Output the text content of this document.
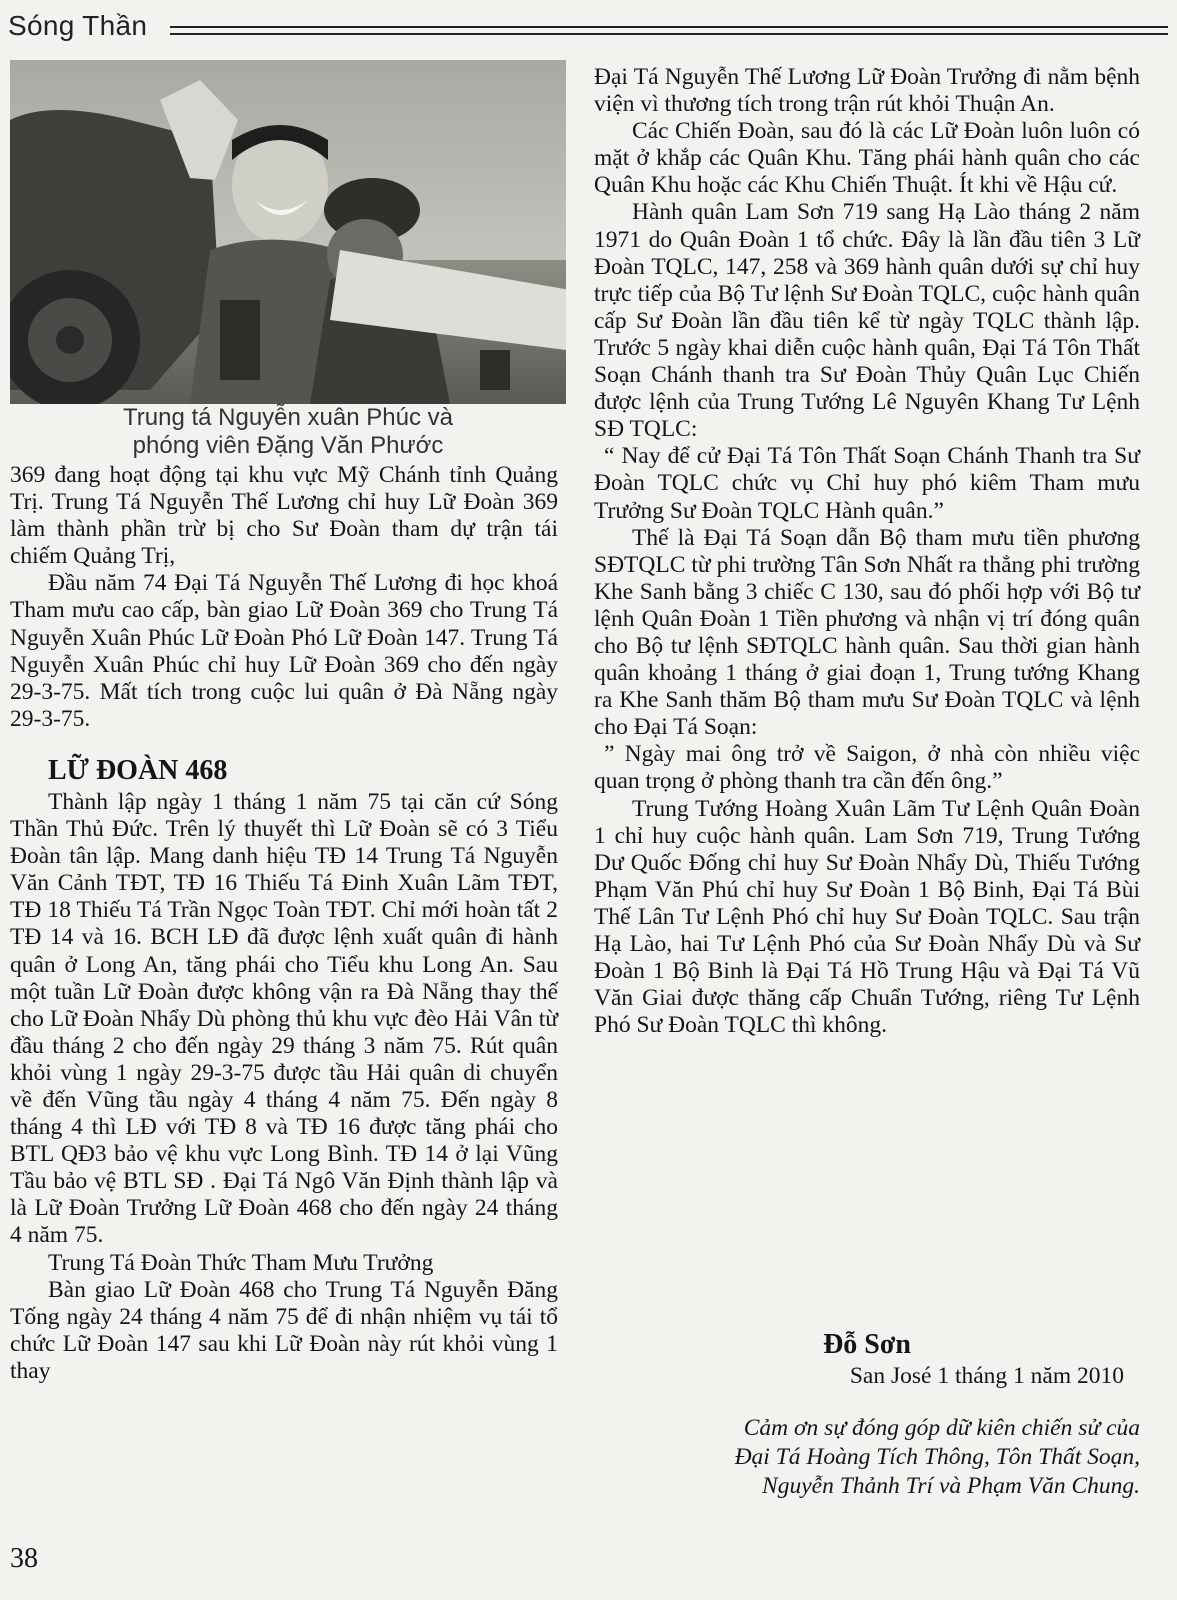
Sóng Thần
Trung tá Nguyễn xuân Phúc và
phóng viên Đặng Văn Phước

369 đang hoạt động tại khu vực Mỹ Chánh tỉnh Quảng Trị. Trung Tá Nguyễn Thế Lương chỉ huy Lữ Đoàn 369 làm thành phần trừ bị cho Sư Đoàn tham dự trận tái chiếm Quảng Trị,

Đầu năm 74 Đại Tá Nguyễn Thế Lương đi học khoá Tham mưu cao cấp, bàn giao Lữ Đoàn 369 cho Trung Tá Nguyễn Xuân Phúc Lữ Đoàn Phó Lữ Đoàn 147. Trung Tá Nguyễn Xuân Phúc chỉ huy Lữ Đoàn 369 cho đến ngày 29-3-75. Mất tích trong cuộc lui quân ở Đà Nẵng ngày 29-3-75.

LỮ ĐOÀN 468

Thành lập ngày 1 tháng 1 năm 75 tại căn cứ Sóng Thần Thủ Đức. Trên lý thuyết thì Lữ Đoàn sẽ có 3 Tiểu Đoàn tân lập. Mang danh hiệu TĐ 14 Trung Tá Nguyễn Văn Cảnh TĐT, TĐ 16 Thiếu Tá Đinh Xuân Lãm TĐT, TĐ 18 Thiếu Tá Trần Ngọc Toàn TĐT. Chỉ mới hoàn tất 2 TĐ 14 và 16. BCH LĐ đã được lệnh xuất quân đi hành quân ở Long An, tăng phái cho Tiểu khu Long An. Sau một tuần Lữ Đoàn được không vận ra Đà Nẵng thay thế cho Lữ Đoàn Nhẩy Dù phòng thủ khu vực đèo Hải Vân từ đầu tháng 2 cho đến ngày 29 tháng 3 năm 75. Rút quân khỏi vùng 1 ngày 29-3-75 được tầu Hải quân di chuyển về đến Vũng tầu ngày 4 tháng 4 năm 75. Đến ngày 8 tháng 4 thì LĐ với TĐ 8 và TĐ 16 được tăng phái cho BTL QĐ3 bảo vệ khu vực Long Bình. TĐ 14 ở lại Vũng Tầu bảo vệ BTL SĐ . Đại Tá Ngô Văn Định thành lập và là Lữ Đoàn Trưởng Lữ Đoàn 468 cho đến ngày 24 tháng 4 năm 75.

Trung Tá Đoàn Thức Tham Mưu Trưởng

Bàn giao Lữ Đoàn 468 cho Trung Tá Nguyễn Đăng Tống ngày 24 tháng 4 năm 75 để đi nhận nhiệm vụ tái tổ chức Lữ Đoàn 147 sau khi Lữ Đoàn này rút khỏi vùng 1 thay

Đại Tá Nguyễn Thế Lương Lữ Đoàn Trưởng đi nằm bệnh viện vì thương tích trong trận rút khỏi Thuận An.

Các Chiến Đoàn, sau đó là các Lữ Đoàn luôn luôn có mặt ở khắp các Quân Khu. Tăng phái hành quân cho các Quân Khu hoặc các Khu Chiến Thuật. Ít khi về Hậu cứ.

Hành quân Lam Sơn 719 sang Hạ Lào tháng 2 năm 1971 do Quân Đoàn 1 tổ chức. Đây là lần đầu tiên 3 Lữ Đoàn TQLC, 147, 258 và 369 hành quân dưới sự chỉ huy trực tiếp của Bộ Tư lệnh Sư Đoàn TQLC, cuộc hành quân cấp Sư Đoàn lần đầu tiên kể từ ngày TQLC thành lập. Trước 5 ngày khai diễn cuộc hành quân, Đại Tá Tôn Thất Soạn Chánh thanh tra Sư Đoàn Thủy Quân Lục Chiến được lệnh của Trung Tướng Lê Nguyên Khang Tư Lệnh SĐ TQLC:

“ Nay để cử Đại Tá Tôn Thất Soạn Chánh Thanh tra Sư Đoàn TQLC chức vụ Chỉ huy phó kiêm Tham mưu Trưởng Sư Đoàn TQLC Hành quân.”

Thế là Đại Tá Soạn dẫn Bộ tham mưu tiền phương SĐTQLC từ phi trường Tân Sơn Nhất ra thẳng phi trường Khe Sanh bằng 3 chiếc C 130, sau đó phối hợp với Bộ tư lệnh Quân Đoàn 1 Tiền phương và nhận vị trí đóng quân cho Bộ tư lệnh SĐTQLC hành quân. Sau thời gian hành quân khoảng 1 tháng ở giai đoạn 1, Trung tướng Khang ra Khe Sanh thăm Bộ tham mưu Sư Đoàn TQLC và lệnh cho Đại Tá Soạn:

” Ngày mai ông trở về Saigon, ở nhà còn nhiều việc quan trọng ở phòng thanh tra cần đến ông.”

Trung Tướng Hoàng Xuân Lãm Tư Lệnh Quân Đoàn 1 chỉ huy cuộc hành quân. Lam Sơn 719, Trung Tướng Dư Quốc Đống chỉ huy Sư Đoàn Nhẩy Dù, Thiếu Tướng Phạm Văn Phú chỉ huy Sư Đoàn 1 Bộ Binh, Đại Tá Bùi Thế Lân Tư Lệnh Phó chỉ huy Sư Đoàn TQLC. Sau trận Hạ Lào, hai Tư Lệnh Phó của Sư Đoàn Nhẩy Dù và Sư Đoàn 1 Bộ Binh là Đại Tá Hồ Trung Hậu và Đại Tá Vũ Văn Giai được thăng cấp Chuẩn Tướng, riêng Tư Lệnh Phó Sư Đoàn TQLC thì không.

Đỗ Sơn
San José 1 tháng 1 năm 2010
Cảm ơn sự đóng góp dữ kiên chiến sử của
Đại Tá Hoàng Tích Thông, Tôn Thất Soạn,
Nguyễn Thảnh Trí và Phạm Văn Chung.
38
